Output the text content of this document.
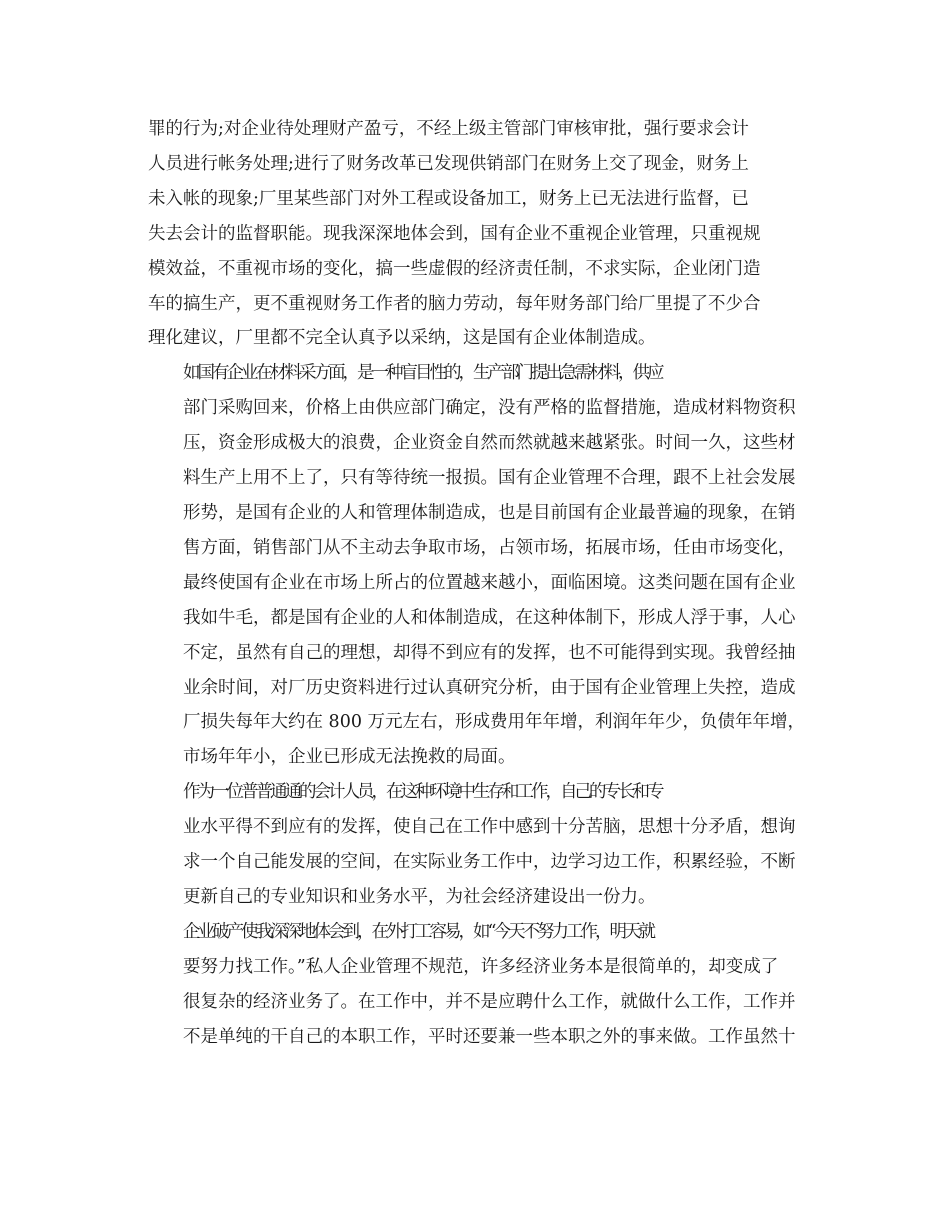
罪的行为;对企业待处理财产盈亏，不经上级主管部门审核审批，强行要求会计
人员进行帐务处理;进行了财务改革已发现供销部门在财务上交了现金，财务上
未入帐的现象;厂里某些部门对外工程或设备加工，财务上已无法进行监督，已
失去会计的监督职能。现我深深地体会到，国有企业不重视企业管理，只重视规
模效益，不重视市场的变化，搞一些虚假的经济责任制，不求实际，企业闭门造
车的搞生产，更不重视财务工作者的脑力劳动，每年财务部门给厂里提了不少合
理化建议，厂里都不完全认真予以采纳，这是国有企业体制造成。

如国有企业在材料采方面，是一种盲目性的，生产部门提出急需材料，供应
部门采购回来，价格上由供应部门确定，没有严格的监督措施，造成材料物资积
压，资金形成极大的浪费，企业资金自然而然就越来越紧张。时间一久，这些材
料生产上用不上了，只有等待统一报损。国有企业管理不合理，跟不上社会发展
形势，是国有企业的人和管理体制造成，也是目前国有企业最普遍的现象，在销
售方面，销售部门从不主动去争取市场，占领市场，拓展市场，任由市场变化，
最终使国有企业在市场上所占的位置越来越小，面临困境。这类问题在国有企业
我如牛毛，都是国有企业的人和体制造成，在这种体制下，形成人浮于事，人心
不定，虽然有自己的理想，却得不到应有的发挥，也不可能得到实现。我曾经抽
业余时间，对厂历史资料进行过认真研究分析，由于国有企业管理上失控，造成
厂损失每年大约在 800 万元左右，形成费用年年增，利润年年少，负债年年增，
市场年年小，企业已形成无法挽救的局面。

作为一位普普通通的会计人员，在这种环境中生存和工作，自己的专长和专
业水平得不到应有的发挥，使自己在工作中感到十分苦脑，思想十分矛盾，想询
求一个自己能发展的空间，在实际业务工作中，边学习边工作，积累经验，不断
更新自己的专业知识和业务水平，为社会经济建设出一份力。

企业破产使我深深地体会到，在外打工容易，如“今天不努力工作，明天就
要努力找工作。”私人企业管理不规范，许多经济业务本是很简单的，却变成了
很复杂的经济业务了。在工作中，并不是应聘什么工作，就做什么工作，工作并
不是单纯的干自己的本职工作，平时还要兼一些本职之外的事来做。工作虽然十
